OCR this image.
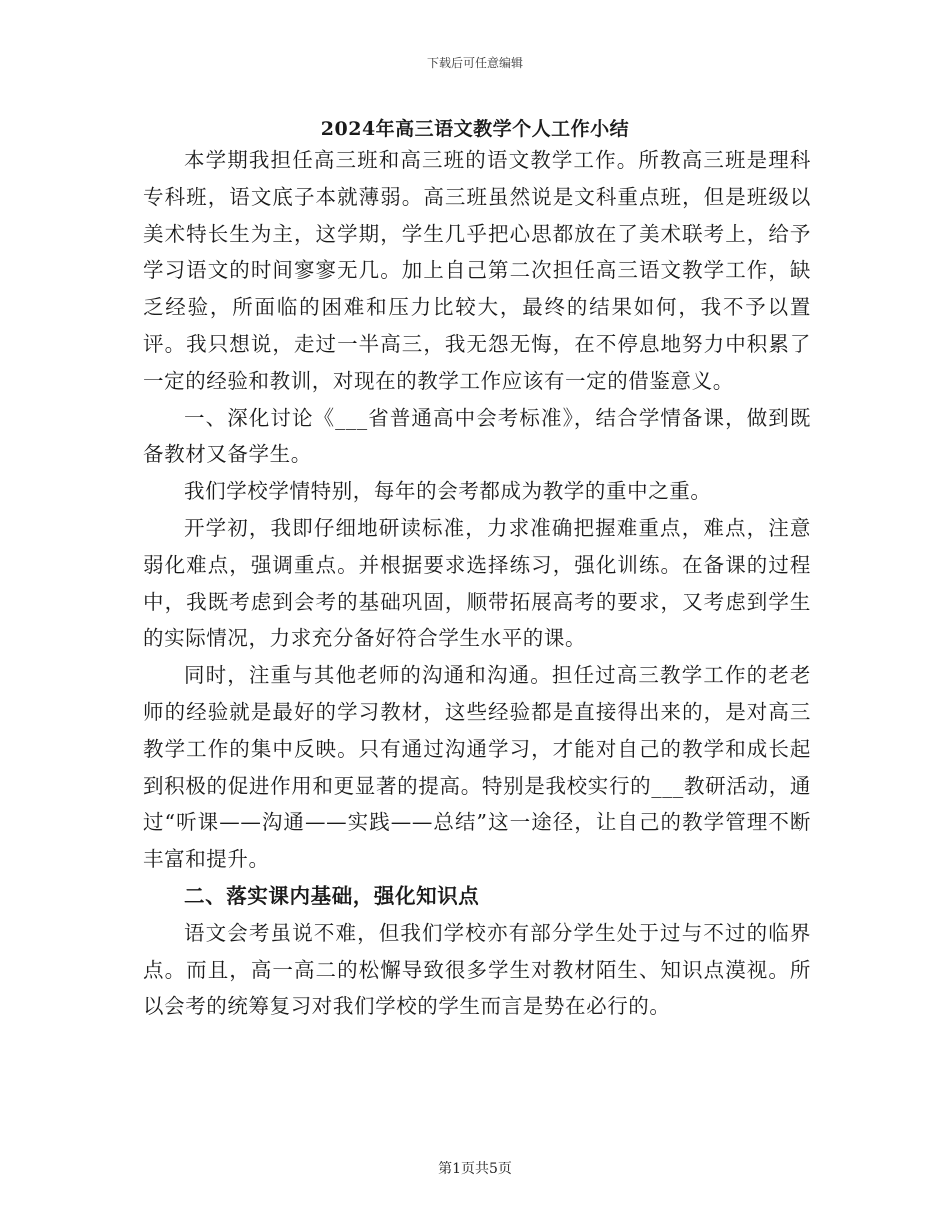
下载后可任意编辑
2024年高三语文教学个人工作小结

本学期我担任高三班和高三班的语文教学工作。所教高三班是理科专科班，语文底子本就薄弱。高三班虽然说是文科重点班，但是班级以美术特长生为主，这学期，学生几乎把心思都放在了美术联考上，给予学习语文的时间寥寥无几。加上自己第二次担任高三语文教学工作，缺乏经验，所面临的困难和压力比较大，最终的结果如何，我不予以置评。我只想说，走过一半高三，我无怨无悔，在不停息地努力中积累了一定的经验和教训，对现在的教学工作应该有一定的借鉴意义。

一、深化讨论《___省普通高中会考标准》，结合学情备课，做到既备教材又备学生。

我们学校学情特别，每年的会考都成为教学的重中之重。

开学初，我即仔细地研读标准，力求准确把握难重点，难点，注意弱化难点，强调重点。并根据要求选择练习，强化训练。在备课的过程中，我既考虑到会考的基础巩固，顺带拓展高考的要求，又考虑到学生的实际情况，力求充分备好符合学生水平的课。

同时，注重与其他老师的沟通和沟通。担任过高三教学工作的老老师的经验就是最好的学习教材，这些经验都是直接得出来的，是对高三教学工作的集中反映。只有通过沟通学习，才能对自己的教学和成长起到积极的促进作用和更显著的提高。特别是我校实行的___教研活动，通过“听课——沟通——实践——总结”这一途径，让自己的教学管理不断丰富和提升。

二、落实课内基础，强化知识点

语文会考虽说不难，但我们学校亦有部分学生处于过与不过的临界点。而且，高一高二的松懈导致很多学生对教材陌生、知识点漠视。所以会考的统筹复习对我们学校的学生而言是势在必行的。

第1页共5页
